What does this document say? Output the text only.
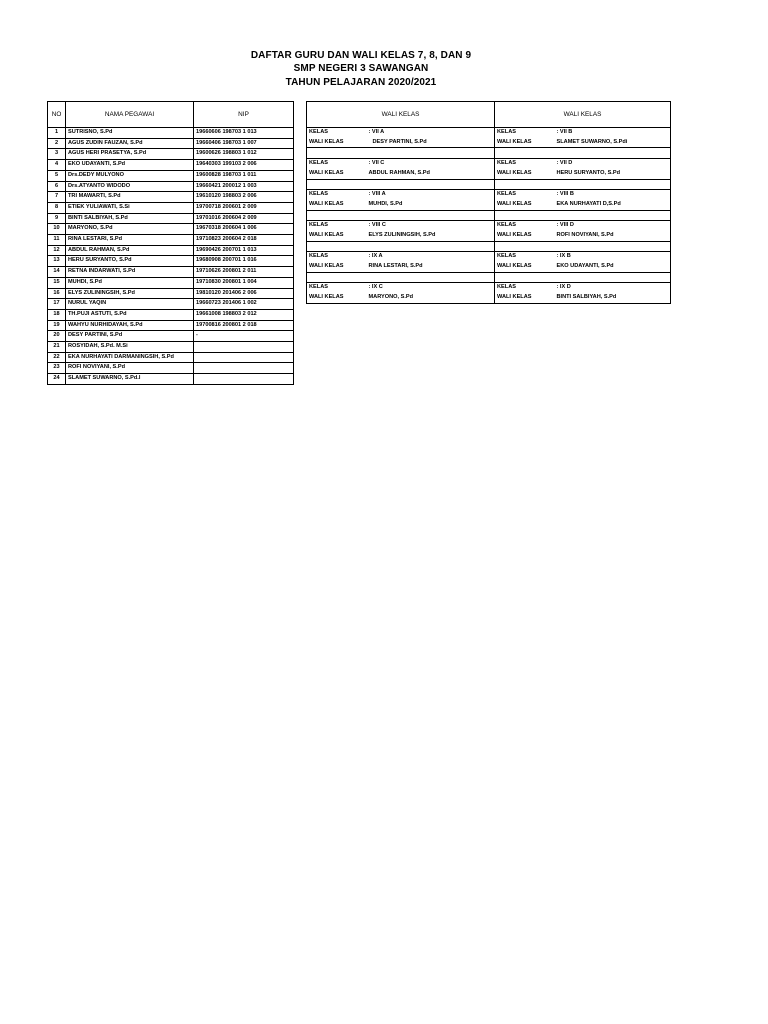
DAFTAR GURU DAN WALI KELAS 7, 8, DAN 9
SMP NEGERI 3 SAWANGAN
TAHUN PELAJARAN 2020/2021
NO	NAMA PEGAWAI	NIP
1	SUTRISNO, S.Pd	19660606 198703 1 013
2	AGUS ZUDIN FAUZAN, S.Pd	19660406 198703 1 007
3	AGUS HERI PRASETYA, S.Pd	19600626 198803 1 012
4	EKO UDAYANTI, S.Pd	19640303 199103 2 006
5	Drs.DEDY MULYONO	19600828 198703 1 011
6	Drs.ATYANTO WIDODO	19660421 200012 1 003
7	TRI MAWARTI, S.Pd	19610120 198803 2 006
8	ETIEK YULIAWATI, S.Si	19700718 200601 2 009
9	BINTI SALBIYAH, S.Pd	19701016 200604 2 009
10	MARYONO, S.Pd	19670318 200604 1 006
11	RINA LESTARI, S.Pd	19710823 200604 2 018
12	ABDUL RAHMAN, S.Pd	19690426 200701 1 013
13	HERU SURYANTO, S.Pd	19680908 200701 1 016
14	RETNA INDARWATI, S.Pd	19710626 200801 2 011
15	MUHDI, S.Pd	19710830 200801 1 004
16	ELYS ZULININGSIH, S.Pd	19810120 201406 2 006
17	NURUL YAQIN	19660723 201406 1 002
18	TH.PUJI ASTUTI, S.Pd	19661008 198803 2 012
19	WAHYU NURHIDAYAH, S.Pd	19700816 200801 2 018
20	DESY PARTINI, S.Pd	-
21	ROSYIDAH, S.Pd. M.Si	
22	EKA NURHAYATI DARMANINGSIH, S.Pd	
23	ROFI NOVIYANI, S.Pd	
24	SLAMET SUWARNO, S.Pd.I	
WALI KELAS		WALI KELAS	
KELAS	: VII A	KELAS	: VII B
WALI KELAS	DESY PARTINI, S.Pd	WALI KELAS	SLAMET SUWARNO, S.Pdi

KELAS	: VII C	KELAS	: VII D
WALI KELAS	ABDUL RAHMAN, S.Pd	WALI KELAS	HERU SURYANTO, S.Pd

KELAS	: VIII A	KELAS	: VIII B
WALI KELAS	MUHDI, S.Pd	WALI KELAS	EKA NURHAYATI D,S.Pd

KELAS	: VIII C	KELAS	: VIII D
WALI KELAS	ELYS ZULININGSIH, S.Pd	WALI KELAS	ROFI NOVIYANI, S.Pd

KELAS	: IX A	KELAS	: IX B
WALI KELAS	RINA LESTARI, S.Pd	WALI KELAS	EKO UDAYANTI, S.Pd

KELAS	: IX C	KELAS	: IX D
WALI KELAS	MARYONO, S.Pd	WALI KELAS	BINTI SALBIYAH, S.Pd
